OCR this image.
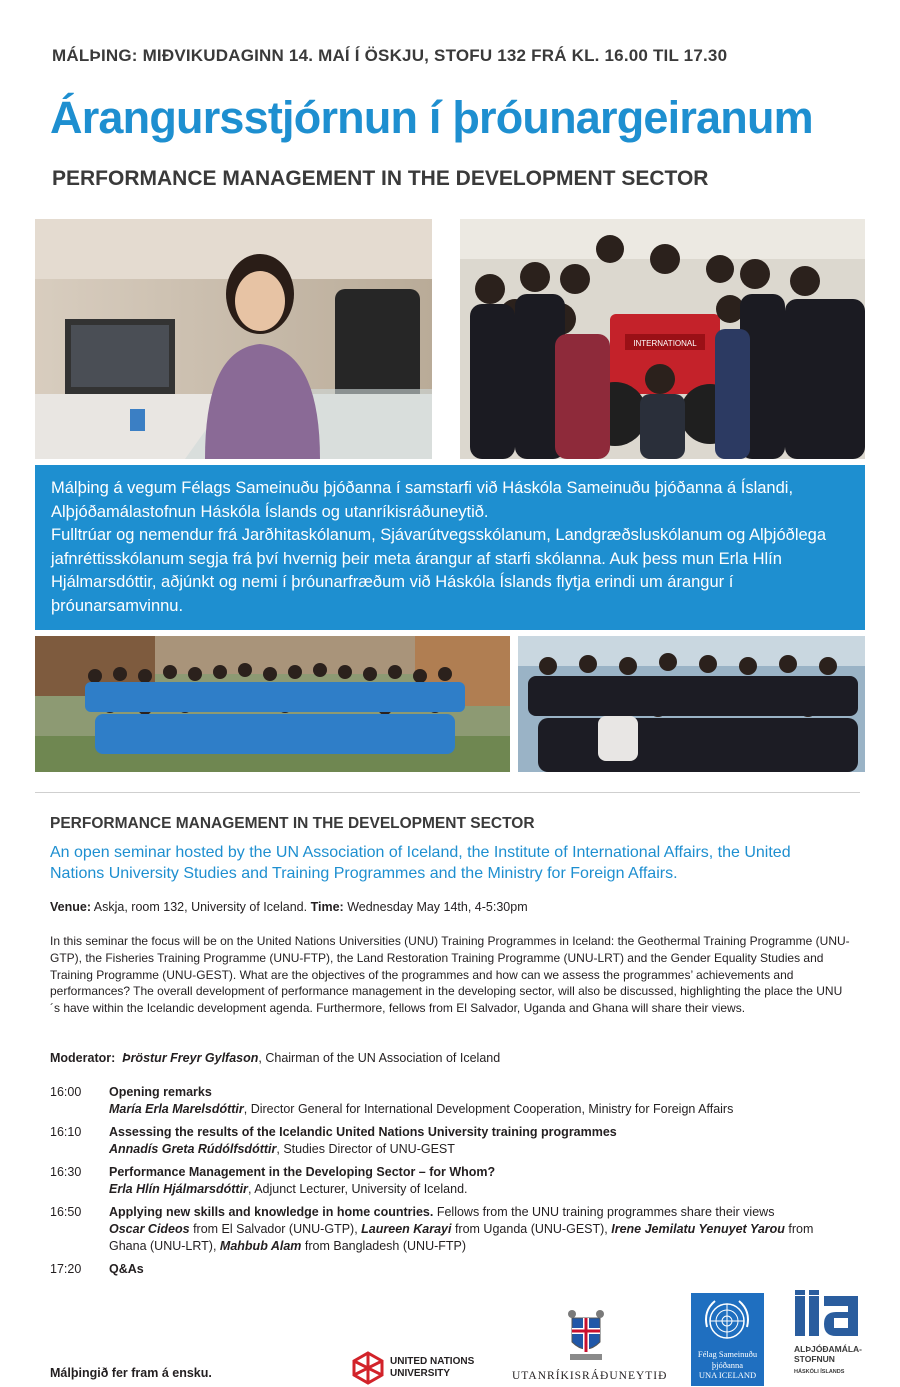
MÁLÞING: MIÐVIKUDAGINN 14. MAÍ Í ÖSKJU, STOFU 132 FRÁ KL. 16.00 TIL 17.30
Árangursstjórnun í þróunargeiranum
PERFORMANCE MANAGEMENT IN THE DEVELOPMENT SECTOR
INTERNATIONAL

Málþing á vegum Félags Sameinuðu þjóðanna í samstarfi við Háskóla Sameinuðu þjóðanna á Íslandi, Alþjóðamálastofnun Háskóla Íslands og utanríkisráðuneytið.

Fulltrúar og nemendur frá Jarðhitaskólanum, Sjávarútvegsskólanum, Landgræðsluskólanum og Alþjóðlega jafnréttisskólanum segja frá því hvernig þeir meta árangur af starfi skólanna. Auk þess mun Erla Hlín Hjálmarsdóttir, aðjúnkt og nemi í þróunarfræðum við Háskóla Íslands flytja erindi um árangur í þróunarsamvinnu.

PERFORMANCE MANAGEMENT IN THE DEVELOPMENT SECTOR
An open seminar hosted by the UN Association of Iceland, the Institute of International Affairs, the United Nations University Studies and Training Programmes and the Ministry for Foreign Affairs.
Venue: Askja, room 132, University of Iceland. Time: Wednesday May 14th, 4-5:30pm
In this seminar the focus will be on the United Nations Universities (UNU) Training Programmes in Iceland: the Geothermal Training Programme (UNU-GTP), the Fisheries Training Programme (UNU-FTP), the Land Restoration Training Programme (UNU-LRT) and the Gender Equality Studies and Training Programme (UNU-GEST). What are the objectives of the programmes and how can we assess the programmes’ achievements and performances? The overall development of performance management in the developing sector, will also be discussed, highlighting the place the UNU´s have within the Icelandic development agenda. Furthermore, fellows from El Salvador, Uganda and Ghana will share their views.
Moderator: Þröstur Freyr Gylfason, Chairman of the UN Association of Iceland
16:00	Opening remarks
María Erla Marelsdóttir, Director General for International Development Cooperation, Ministry for Foreign Affairs
16:10	Assessing the results of the Icelandic United Nations University training programmes
Annadís Greta Rúdólfsdóttir, Studies Director of UNU-GEST
16:30	Performance Management in the Developing Sector – for Whom?
Erla Hlín Hjálmarsdóttir, Adjunct Lecturer, University of Iceland.
16:50	Applying new skills and knowledge in home countries. Fellows from the UNU training programmes share their views
Oscar Cideos from El Salvador (UNU-GTP), Laureen Karayi from Uganda (UNU-GEST), Irene Jemilatu Yenuyet Yarou from Ghana (UNU-LRT), Mahbub Alam from Bangladesh (UNU-FTP)
17:20	Q&As
Málþingið fer fram á ensku.
UNITED NATIONS
UNIVERSITY	UTANRÍKISRÁÐUNEYTIÐ
Félag Sameinuðu
þjóðanna
UNA ICELAND
ALÞJÓÐAMÁLA-
STOFNUN
HÁSKÓLI ÍSLANDS
